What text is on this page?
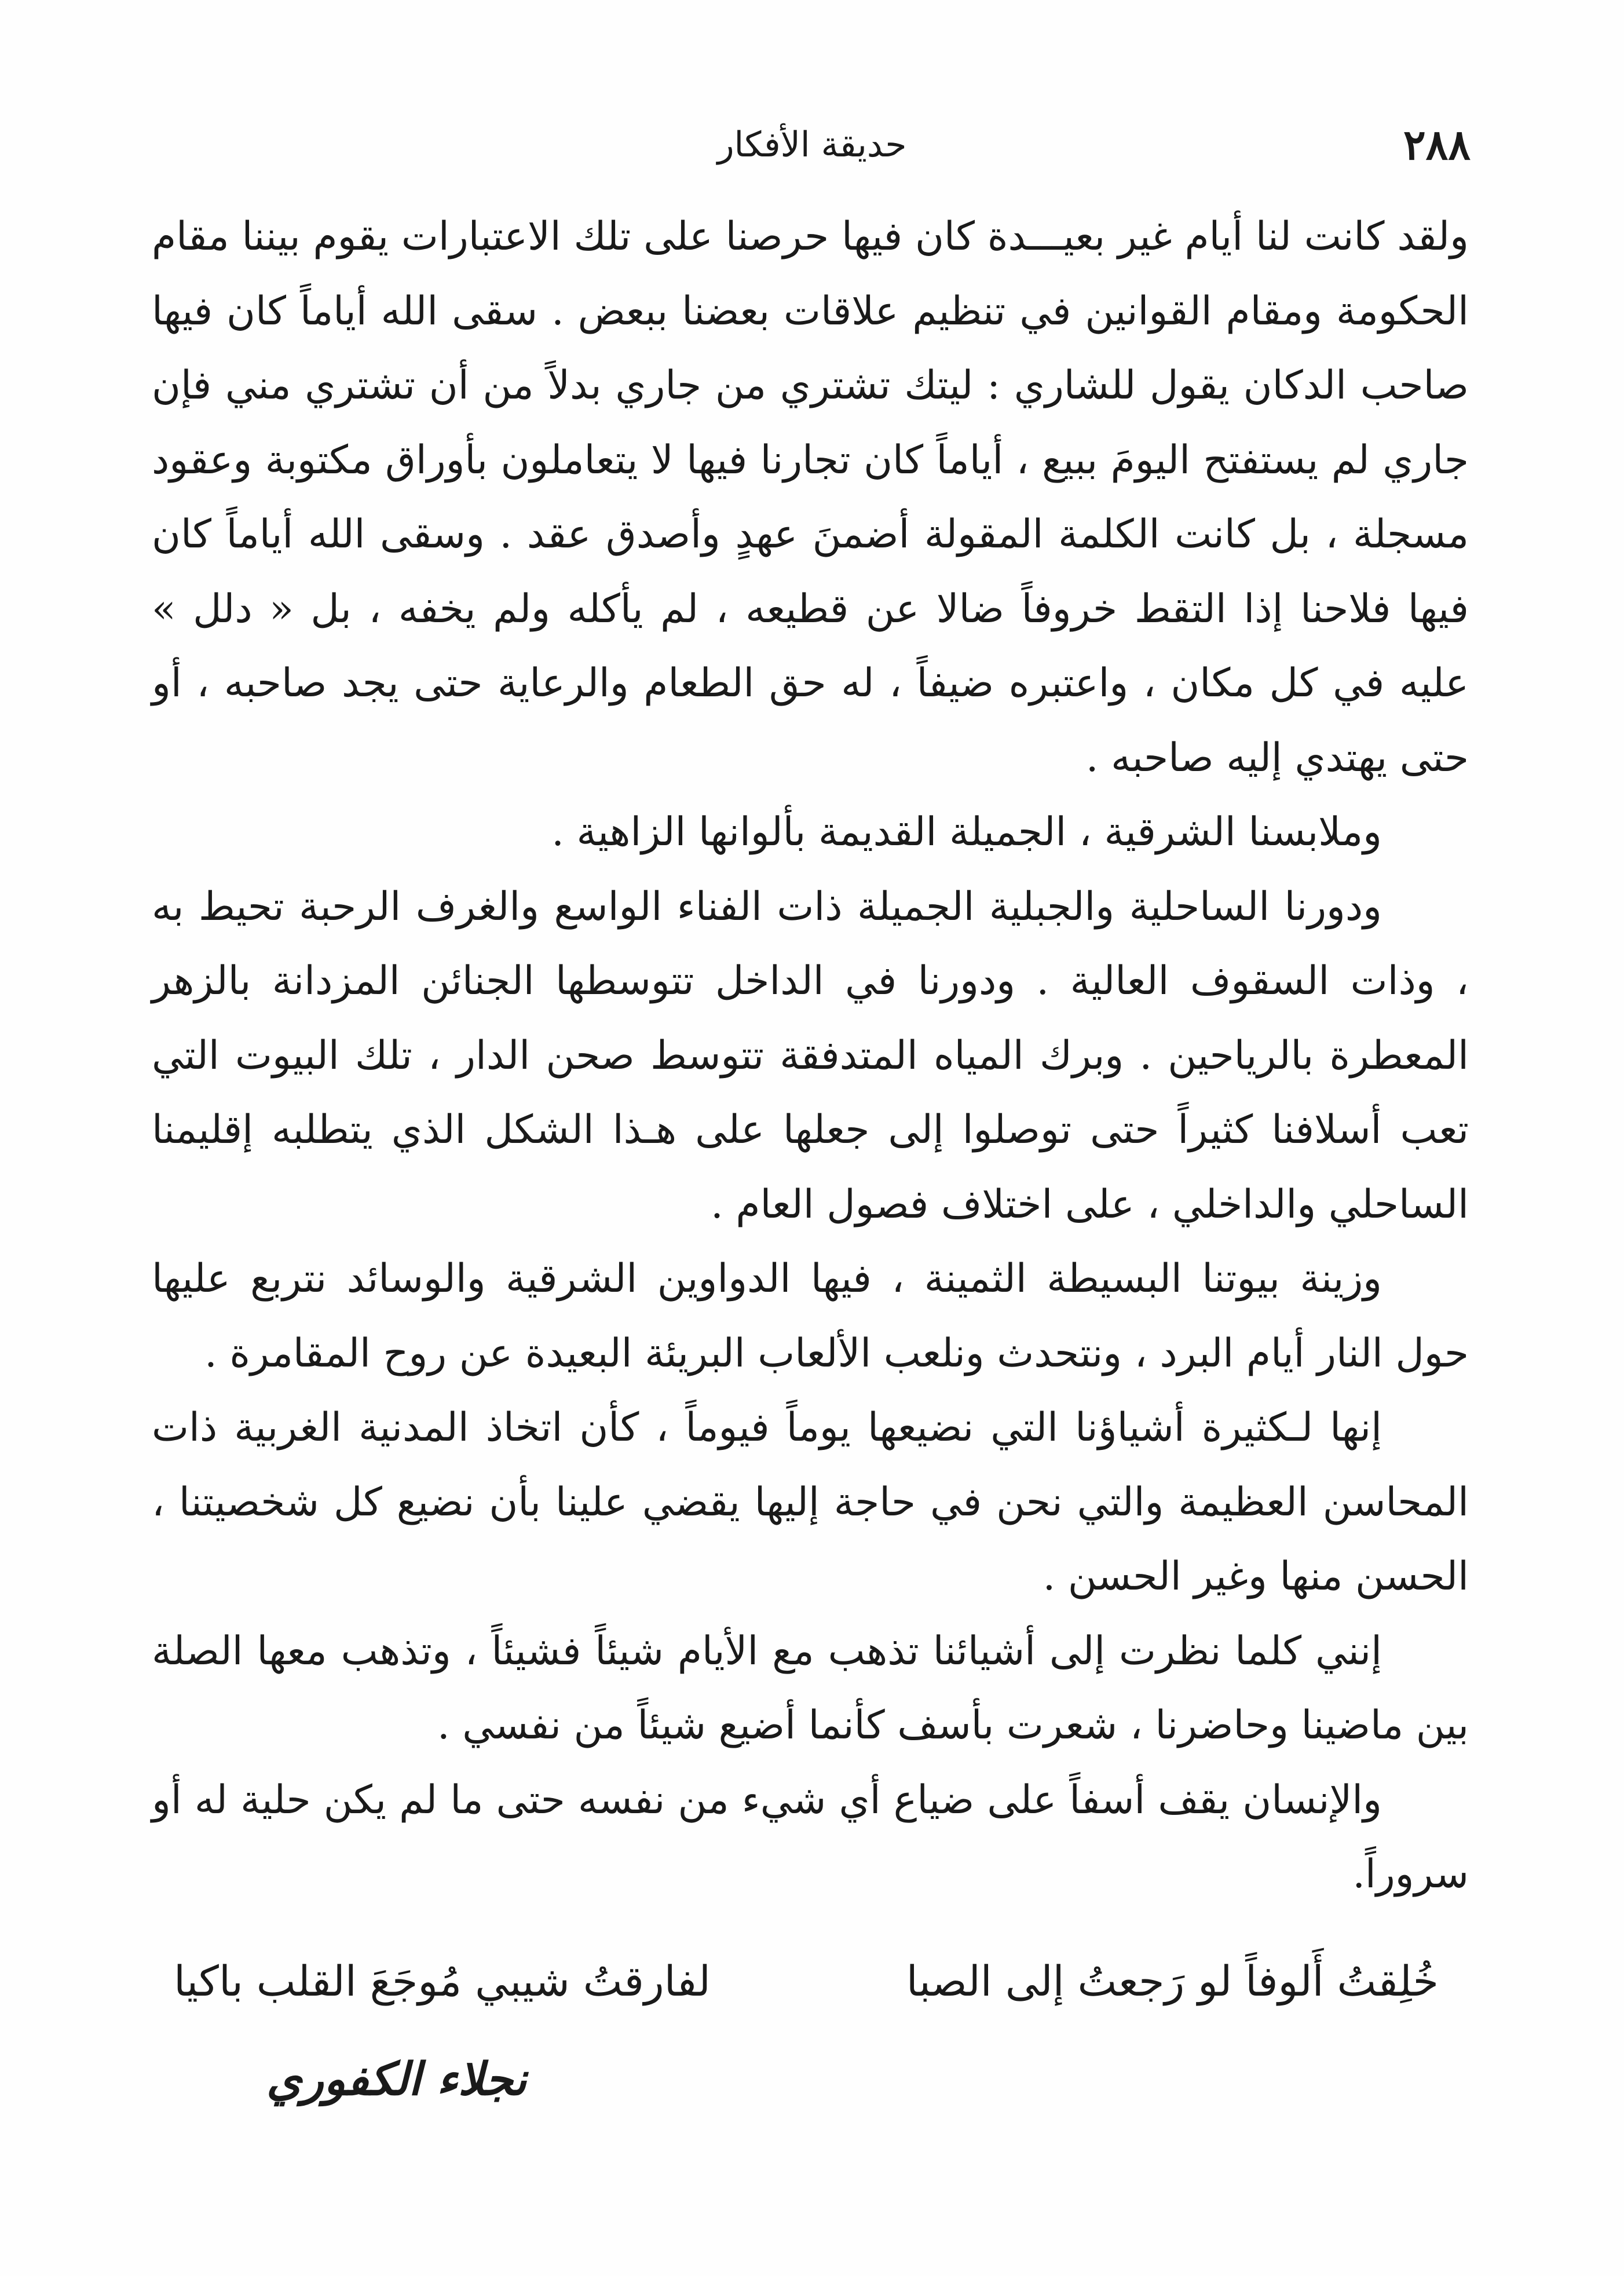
٢٨٨
حديقة الأفكار

ولقد كانت لنا أيام غير بعيـــدة كان فيها حرصنا على تلك الاعتبارات يقوم بيننا مقام الحكومة ومقام القوانين في تنظيم علاقات بعضنا ببعض . سقى الله أياماً كان فيها صاحب الدكان يقول للشاري : ليتك تشتري من جاري بدلاً من أن تشتري مني فإن جاري لم يستفتح اليومَ ببيع ، أياماً كان تجارنا فيها لا يتعاملون بأوراق مكتوبة وعقود مسجلة ، بل كانت الكلمة المقولة أضمنَ عهدٍ وأصدق عقد . وسقى الله أياماً كان فيها فلاحنا إذا التقط خروفاً ضالا عن قطيعه ، لم يأكله ولم يخفه ، بل « دلل » عليه في كل مكان ، واعتبره ضيفاً ، له حق الطعام والرعاية حتى يجد صاحبه ، أو حتى يهتدي إليه صاحبه .

وملابسنا الشرقية ، الجميلة القديمة بألوانها الزاهية .

ودورنا الساحلية والجبلية الجميلة ذات الفناء الواسع والغرف الرحبة تحيط به ، وذات السقوف العالية . ودورنا في الداخل تتوسطها الجنائن المزدانة بالزهر المعطرة بالرياحين . وبرك المياه المتدفقة تتوسط صحن الدار ، تلك البيوت التي تعب أسلافنا كثيراً حتى توصلوا إلى جعلها على هـذا الشكل الذي يتطلبه إقليمنا الساحلي والداخلي ، على اختلاف فصول العام .

وزينة بيوتنا البسيطة الثمينة ، فيها الدواوين الشرقية والوسائد نتربع عليها حول النار أيام البرد ، ونتحدث ونلعب الألعاب البريئة البعيدة عن روح المقامرة .

إنها لـكثيرة أشياؤنا التي نضيعها يوماً فيوماً ، كأن اتخاذ المدنية الغربية ذات المحاسن العظيمة والتي نحن في حاجة إليها يقضي علينا بأن نضيع كل شخصيتنا ، الحسن منها وغير الحسن .

إنني كلما نظرت إلى أشيائنا تذهب مع الأيام شيئاً فشيئاً ، وتذهب معها الصلة بين ماضينا وحاضرنا ، شعرت بأسف كأنما أضيع شيئاً من نفسي .

والإنسان يقف أسفاً على ضياع أي شيء من نفسه حتى ما لم يكن حلية له أو سروراً.

خُلِقتُ أَلوفاً لو رَجعتُ إلى الصبا
لفارقتُ شيبي مُوجَعَ القلب باكيا
نجلاء الكفوري
